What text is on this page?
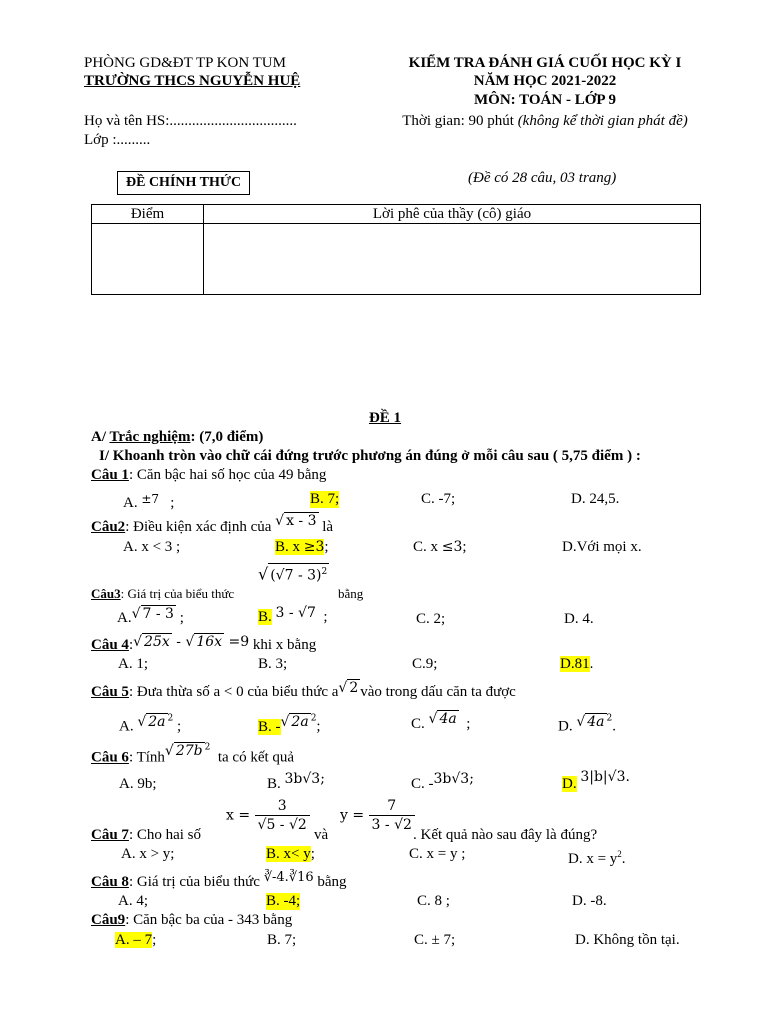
PHÒNG GD&ĐT TP KON TUM
TRƯỜNG THCS NGUYỄN HUỆ
Họ và tên HS:..................................
Lớp :.........
KIỂM TRA ĐÁNH GIÁ CUỐI HỌC KỲ I
NĂM HỌC 2021-2022
MÔN: TOÁN - LỚP 9
Thời gian: 90 phút (không kể thời gian phát đề)
ĐỀ CHÍNH THỨC	(Đề có 28 câu, 03 trang)
Điểm	Lời phê của thầy (cô) giáo

ĐỀ 1
A/ Trắc nghiệm: (7,0 điểm)
I/ Khoanh tròn vào chữ cái đứng trước phương án đúng ở mỗi câu sau ( 5,75 điểm ) :
Câu 1: Căn bậc hai số học của 49 bằng
A. $^{\pm 7}$ ;	B. 7;	C. -7;	D. 24,5.
Câu2: Điều kiện xác định của √ x - 3 là
A. x < 3 ;	B. x ≥3;	C. x ≤3;	D.Với mọi x.
Câu3: Giá trị của biểu thức
√ (√7 - 3)$^2$
bằng
A.√ 7 - 3 ;	B. 3 - √7 ;	C. 2;	D. 4.
Câu 4:√ 25x - √ 16x =9 khi x bằng
A. 1;	B. 3;	C.9;	D.81.
Câu 5: Đưa thừa số a < 0 của biểu thức a√ 2 vào trong dấu căn ta được
A. √ 2a $^2$ ;	B. -√ 2a $^2$;	C. √ 4a ;	D. √ 4a $^2$.
Câu 6: Tính√ 27b $^2$  ta có kết quả
A. 9b;	B. 3b√3;	C. -3b√3;	D. 3|b|√3.
Câu 7: Cho hai số
$x = \frac{3}{√5 - √2}$
và
$y = \frac{7}{3 - √2}$
. Kết quả nào sau đây là đúng?
A. x > y;	B. x< y;	C. x = y ;	D. $x = y^2$.
Câu 8: Giá trị của biểu thức ∛-4.∛16 bằng
A. 4;	B. -4;	C. 8 ;	D. -8.
Câu9: Căn bậc ba của - 343 bằng
A. – 7;	B. 7;	C. ± 7;	D. Không tồn tại.
